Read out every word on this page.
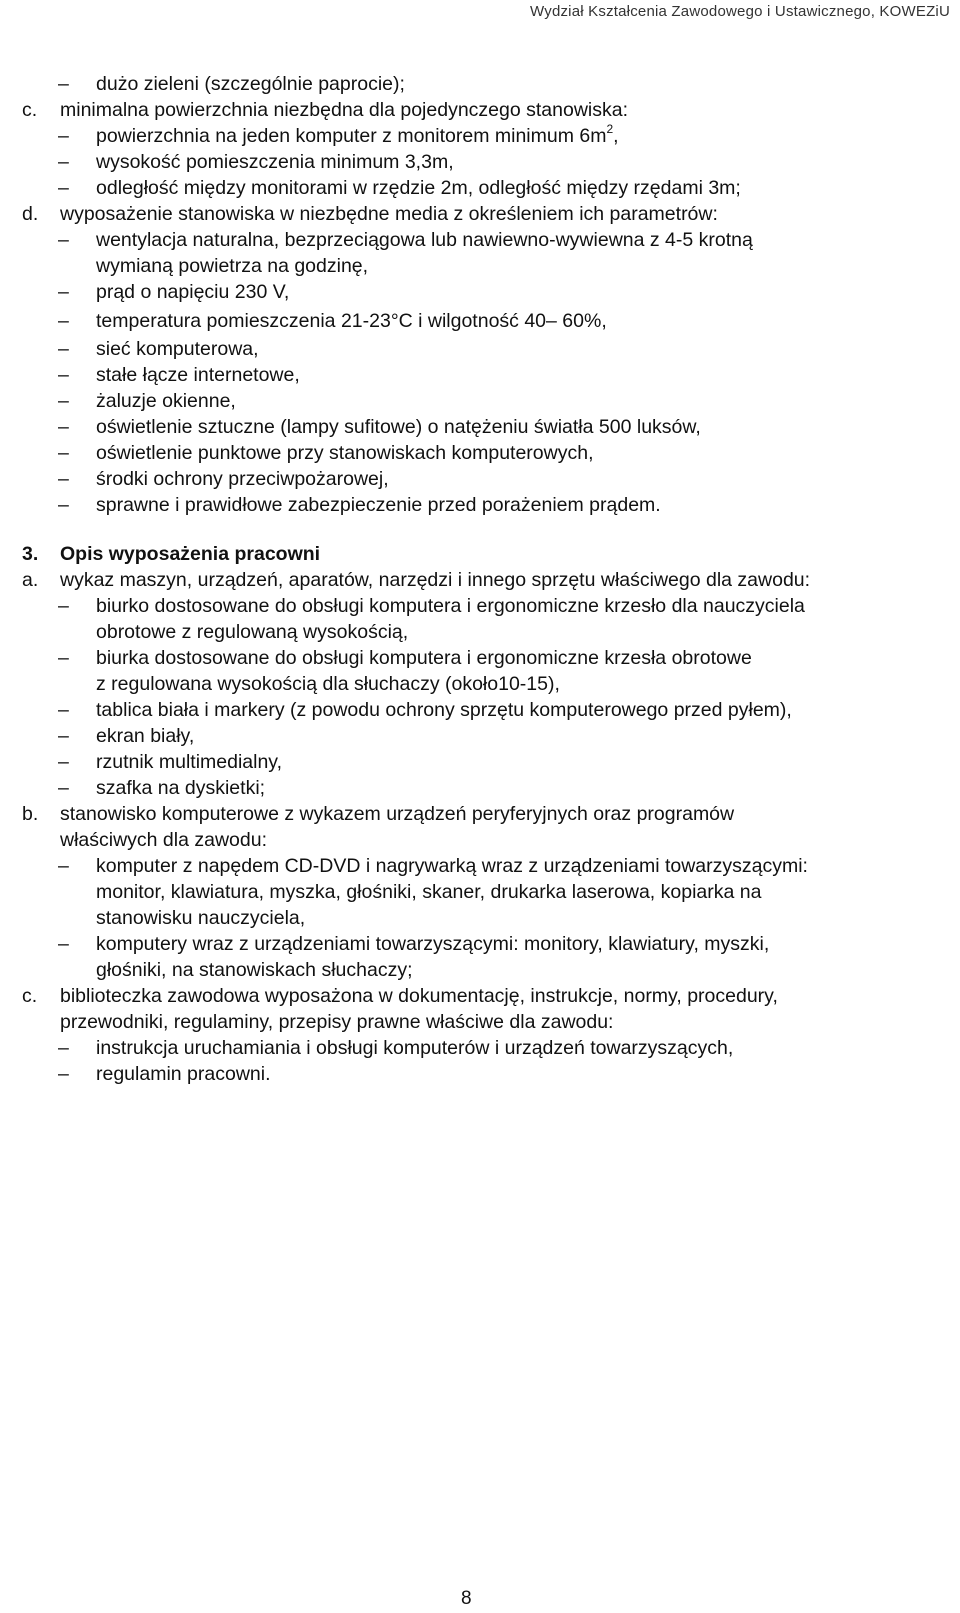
Wydział Kształcenia Zawodowego i Ustawicznego, KOWEZiU
– dużo zieleni (szczególnie paprocie);
c. minimalna powierzchnia niezbędna dla pojedynczego stanowiska:
– powierzchnia na jeden komputer z monitorem minimum $6m^2$,
– wysokość pomieszczenia minimum 3,3m,
– odległość między monitorami w rzędzie 2m, odległość między rzędami 3m;
d. wyposażenie stanowiska w niezbędne media z określeniem ich parametrów:
– wentylacja naturalna, bezprzeciągowa lub nawiewno-wywiewna z 4-5 krotną
wymianą powietrza na godzinę,
– prąd o napięciu 230 V,
– temperatura pomieszczenia 21-23°C i wilgotność 40– 60%,
– sieć komputerowa,
– stałe łącze internetowe,
– żaluzje okienne,
– oświetlenie sztuczne (lampy sufitowe) o natężeniu światła 500 luksów,
– oświetlenie punktowe przy stanowiskach komputerowych,
– środki ochrony przeciwpożarowej,
– sprawne i prawidłowe zabezpieczenie przed porażeniem prądem.
3. Opis wyposażenia pracowni
a. wykaz maszyn, urządzeń, aparatów, narzędzi i innego sprzętu właściwego dla zawodu:
– biurko dostosowane do obsługi komputera i ergonomiczne krzesło dla nauczyciela
obrotowe z regulowaną wysokością,
– biurka dostosowane do obsługi komputera i ergonomiczne krzesła obrotowe
z regulowana wysokością dla słuchaczy (około10-15),
– tablica biała i markery (z powodu ochrony sprzętu komputerowego przed pyłem),
– ekran biały,
– rzutnik multimedialny,
– szafka na dyskietki;
b. stanowisko komputerowe z wykazem urządzeń peryferyjnych oraz programów
właściwych dla zawodu:
– komputer z napędem CD-DVD i nagrywarką wraz z urządzeniami towarzyszącymi:
monitor, klawiatura, myszka, głośniki, skaner, drukarka laserowa, kopiarka na
stanowisku nauczyciela,
– komputery wraz z urządzeniami towarzyszącymi: monitory, klawiatury, myszki,
głośniki, na stanowiskach słuchaczy;
c. biblioteczka zawodowa wyposażona w dokumentację, instrukcje, normy, procedury,
przewodniki, regulaminy, przepisy prawne właściwe dla zawodu:
– instrukcja uruchamiania i obsługi komputerów i urządzeń towarzyszących,
– regulamin pracowni.
8
